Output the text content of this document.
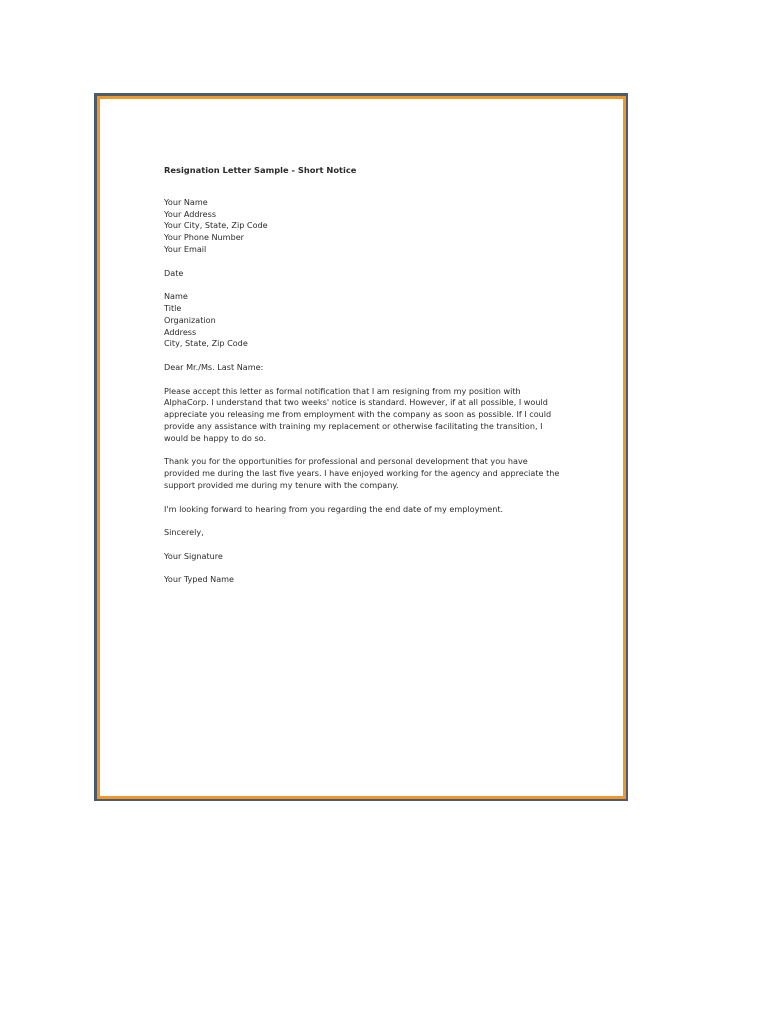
Resignation Letter Sample - Short Notice

Your Name
Your Address
Your City, State, Zip Code
Your Phone Number
Your Email

Date

Name
Title
Organization
Address
City, State, Zip Code

Dear Mr./Ms. Last Name:

Please accept this letter as formal notification that I am resigning from my position with
AlphaCorp. I understand that two weeks' notice is standard. However, if at all possible, I would
appreciate you releasing me from employment with the company as soon as possible. If I could
provide any assistance with training my replacement or otherwise facilitating the transition, I
would be happy to do so.

Thank you for the opportunities for professional and personal development that you have
provided me during the last five years. I have enjoyed working for the agency and appreciate the
support provided me during my tenure with the company.

I'm looking forward to hearing from you regarding the end date of my employment.

Sincerely,

Your Signature

Your Typed Name
